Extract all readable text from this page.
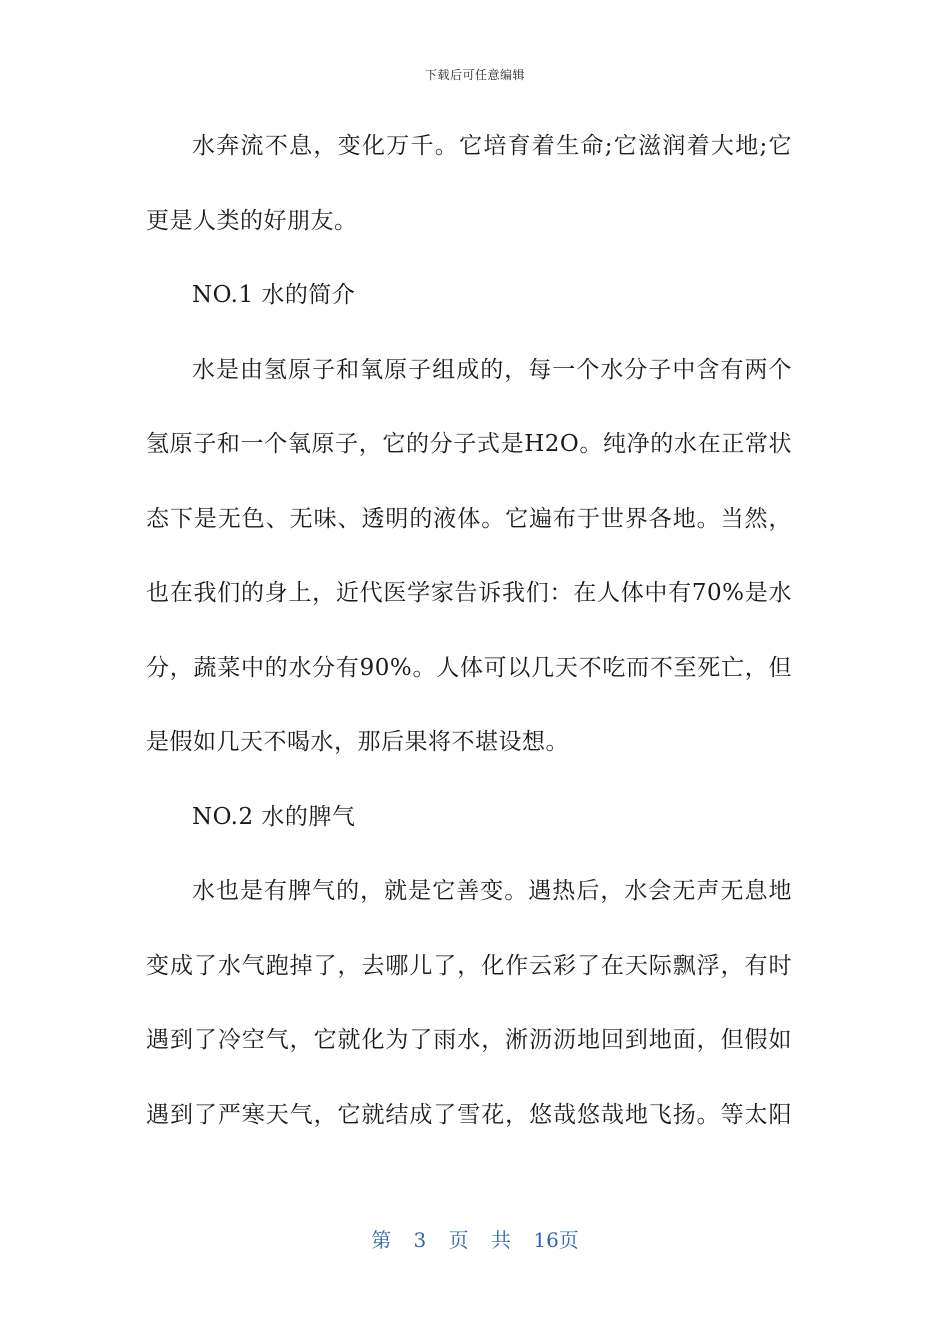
下载后可任意编辑
水奔流不息，变化万千。它培育着生命;它滋润着大地;它
更是人类的好朋友。
NO.1 水的简介
水是由氢原子和氧原子组成的，每一个水分子中含有两个
氢原子和一个氧原子，它的分子式是H2O。纯净的水在正常状
态下是无色、无味、透明的液体。它遍布于世界各地。当然，
也在我们的身上，近代医学家告诉我们：在人体中有70%是水
分，蔬菜中的水分有90%。人体可以几天不吃而不至死亡，但
是假如几天不喝水，那后果将不堪设想。
NO.2 水的脾气
水也是有脾气的，就是它善变。遇热后，水会无声无息地
变成了水气跑掉了，去哪儿了，化作云彩了在天际飘浮，有时
遇到了冷空气，它就化为了雨水，淅沥沥地回到地面，但假如
遇到了严寒天气，它就结成了雪花，悠哉悠哉地飞扬。等太阳
第 3 页 共 16页
